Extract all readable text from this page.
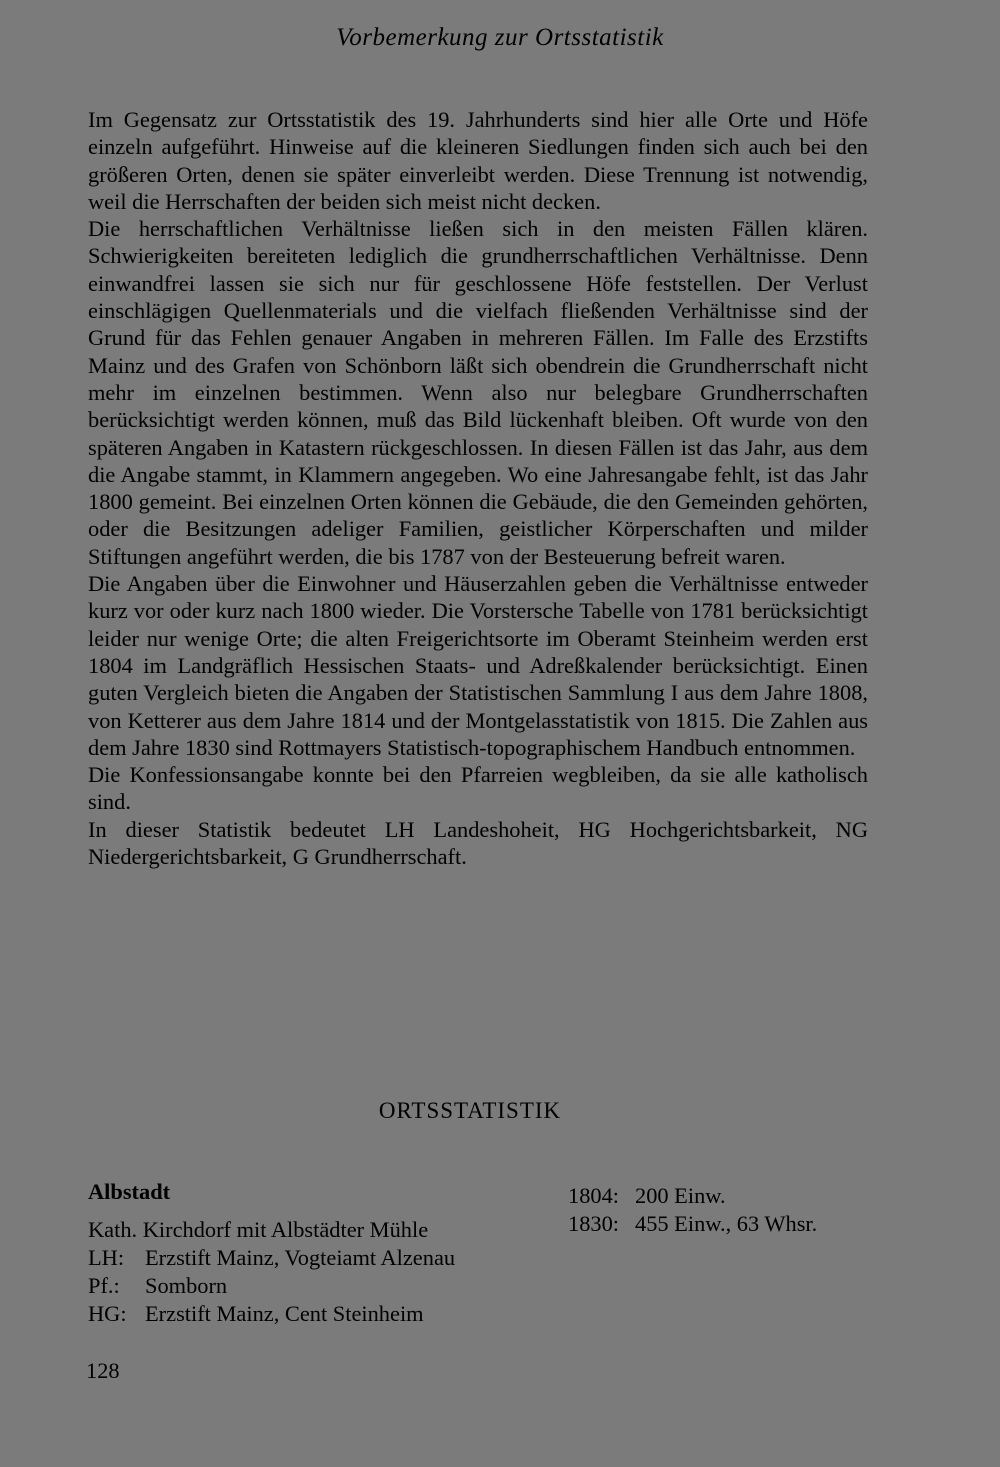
Vorbemerkung zur Ortsstatistik

Im Gegensatz zur Ortsstatistik des 19. Jahrhunderts sind hier alle Orte und Höfe einzeln aufgeführt. Hinweise auf die kleineren Siedlungen finden sich auch bei den größeren Orten, denen sie später einverleibt werden. Diese Trennung ist notwendig, weil die Herrschaften der beiden sich meist nicht decken.

Die herrschaftlichen Verhältnisse ließen sich in den meisten Fällen klären. Schwierigkeiten bereiteten lediglich die grundherrschaftlichen Verhältnisse. Denn einwandfrei lassen sie sich nur für geschlossene Höfe feststellen. Der Verlust einschlägigen Quellenmaterials und die vielfach fließenden Verhältnisse sind der Grund für das Fehlen genauer Angaben in mehreren Fällen. Im Falle des Erzstifts Mainz und des Grafen von Schönborn läßt sich obendrein die Grundherrschaft nicht mehr im einzelnen bestimmen. Wenn also nur belegbare Grundherrschaften berücksichtigt werden können, muß das Bild lückenhaft bleiben. Oft wurde von den späteren Angaben in Katastern rückgeschlossen. In diesen Fällen ist das Jahr, aus dem die Angabe stammt, in Klammern angegeben. Wo eine Jahresangabe fehlt, ist das Jahr 1800 gemeint. Bei einzelnen Orten können die Gebäude, die den Gemeinden gehörten, oder die Besitzungen adeliger Familien, geistlicher Körperschaften und milder Stiftungen angeführt werden, die bis 1787 von der Besteuerung befreit waren.

Die Angaben über die Einwohner und Häuserzahlen geben die Verhältnisse entweder kurz vor oder kurz nach 1800 wieder. Die Vorstersche Tabelle von 1781 berücksichtigt leider nur wenige Orte; die alten Freigerichtsorte im Oberamt Steinheim werden erst 1804 im Landgräflich Hessischen Staats- und Adreßkalender berücksichtigt. Einen guten Vergleich bieten die Angaben der Statistischen Sammlung I aus dem Jahre 1808, von Ketterer aus dem Jahre 1814 und der Montgelasstatistik von 1815. Die Zahlen aus dem Jahre 1830 sind Rottmayers Statistisch-topographischem Handbuch entnommen.

Die Konfessionsangabe konnte bei den Pfarreien wegbleiben, da sie alle katholisch sind.

In dieser Statistik bedeutet LH Landeshoheit, HG Hochgerichtsbarkeit, NG Niedergerichtsbarkeit, G Grundherrschaft.

ORTSSTATISTIK
Albstadt
Kath. Kirchdorf mit Albstädter Mühle
LH: Erzstift Mainz, Vogteiamt Alzenau
Pf.:	Somborn
HG: Erzstift Mainz, Cent Steinheim
1804: 200 Einw.
1830: 455 Einw., 63 Whsr.
128
